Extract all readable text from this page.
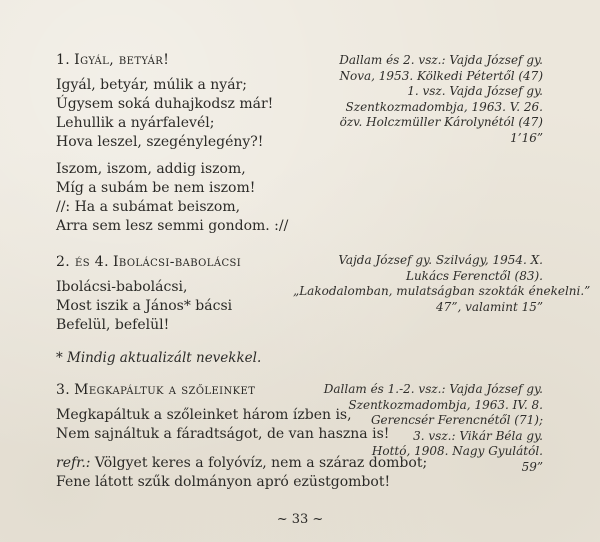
1. Igyál, betyár!
Igyál, betyár, múlik a nyár;
Úgysem soká duhajkodsz már!
Lehullik a nyárfalevél;
Hova leszel, szegénylegény?!
Iszom, iszom, addig iszom,
Míg a subám be nem iszom!
//: Ha a subámat beiszom,
Arra sem lesz semmi gondom. ://
Dallam és 2. vsz.: Vajda József gy.
Nova, 1953. Kölkedi Pétertől (47)
1. vsz. Vajda József gy.
Szentkozmadombja, 1963. V. 26.
özv. Holczmüller Károlynétól (47)
1’16”
2. és 4. Ibolácsi-babolácsi
Ibolácsi-babolácsi,
Most iszik a János* bácsi
Befelül, befelül!
* Mindig aktualizált nevekkel.
Vajda József gy. Szilvágy, 1954. X.
Lukács Ferenctől (83).
„Lakodalomban, mulatságban szokták énekelni.”
47”, valamint 15”
3. Megkapáltuk a szőleinket
Megkapáltuk a szőleinket három ízben is,
Nem sajnáltuk a fáradtságot, de van haszna is!
refr.: Völgyet keres a folyóvíz, nem a száraz dombot;
Fene látott szűk dolmányon apró ezüstgombot!
Dallam és 1.-2. vsz.: Vajda József gy.
Szentkozmadombja, 1963. IV. 8.
Gerencsér Ferencnétől (71);
3. vsz.: Vikár Béla gy.
Hottó, 1908. Nagy Gyulától.
59”
~ 33 ~
